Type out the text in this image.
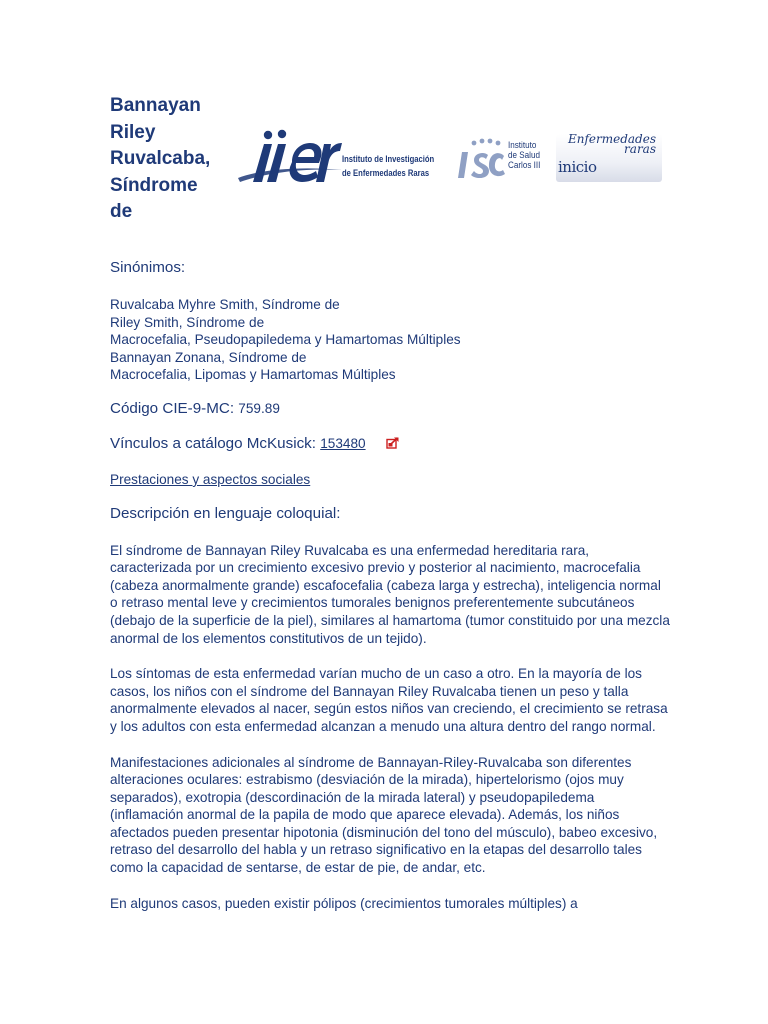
Bannayan
Riley
Ruvalcaba,
Síndrome
de
Instituto de Investigación
de Enfermedades Raras
Instituto
de Salud
Carlos III
Enfermedades
raras
inicio

Sinónimos:

Ruvalcaba Myhre Smith, Síndrome de

Riley Smith, Síndrome de

Macrocefalia, Pseudopapiledema y Hamartomas Múltiples

Bannayan Zonana, Síndrome de

Macrocefalia, Lipomas y Hamartomas Múltiples

Código CIE-9-MC: 759.89

Vínculos a catálogo McKusick: 153480

Prestaciones y aspectos sociales

Descripción en lenguaje coloquial:

El síndrome de Bannayan Riley Ruvalcaba es una enfermedad hereditaria rara, caracterizada por un crecimiento excesivo previo y posterior al nacimiento, macrocefalia (cabeza anormalmente grande) escafocefalia (cabeza larga y estrecha), inteligencia normal o retraso mental leve y crecimientos tumorales benignos preferentemente subcutáneos (debajo de la superficie de la piel), similares al hamartoma (tumor constituido por una mezcla anormal de los elementos constitutivos de un tejido).

Los síntomas de esta enfermedad varían mucho de un caso a otro. En la mayoría de los casos, los niños con el síndrome del Bannayan Riley Ruvalcaba tienen un peso y talla anormalmente elevados al nacer, según estos niños van creciendo, el crecimiento se retrasa y los adultos con esta enfermedad alcanzan a menudo una altura dentro del rango normal.

Manifestaciones adicionales al síndrome de Bannayan-Riley-Ruvalcaba son diferentes alteraciones oculares: estrabismo (desviación de la mirada), hipertelorismo (ojos muy separados), exotropia (descordinación de la mirada lateral) y pseudopapiledema (inflamación anormal de la papila de modo que aparece elevada). Además, los niños afectados pueden presentar hipotonia (disminución del tono del músculo), babeo excesivo, retraso del desarrollo del habla y un retraso significativo en la etapas del desarrollo tales como la capacidad de sentarse, de estar de pie, de andar, etc.

En algunos casos, pueden existir pólipos (crecimientos tumorales múltiples) a
